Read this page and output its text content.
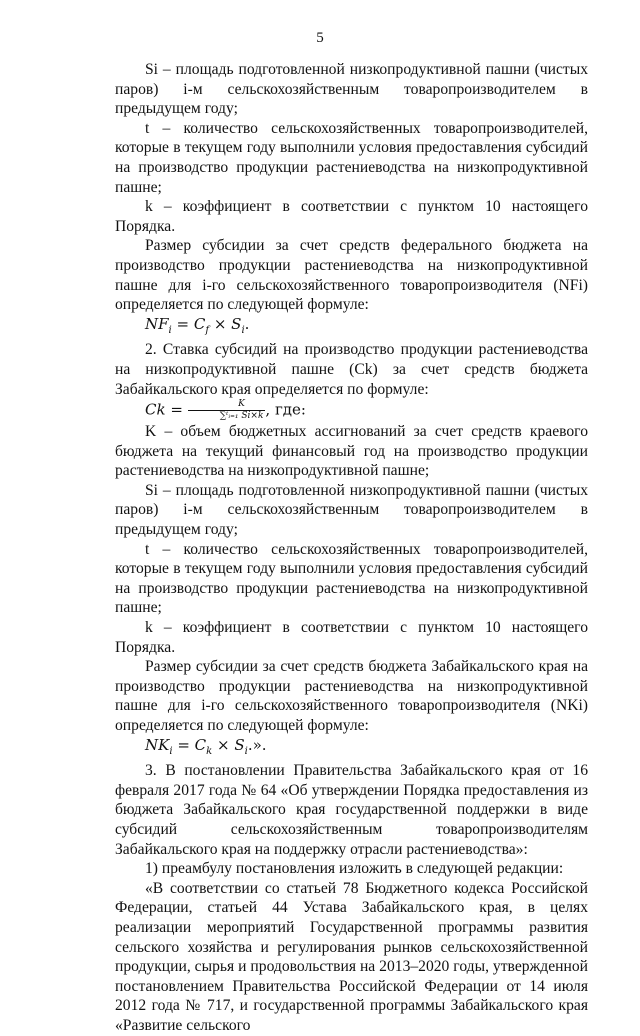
5

Si – площадь подготовленной низкопродуктивной пашни (чистых паров) i-м сельскохозяйственным товаропроизводителем в предыдущем году;

t – количество сельскохозяйственных товаропроизводителей, которые в текущем году выполнили условия предоставления субсидий на производство продукции растениеводства на низкопродуктивной пашне;

k – коэффициент в соответствии с пунктом 10 настоящего Порядка.

Размер субсидии за счет средств федерального бюджета на производство продукции растениеводства на низкопродуктивной пашне для i-го сельскохозяйственного товаропроизводителя (NFi) определяется по следующей формуле:

$NF_i = C_f \times S_i$.

2. Ставка субсидий на производство продукции растениеводства на низкопродуктивной пашне (Ck) за счет средств бюджета Забайкальского края определяется по формуле:

$Ck = \frac{K}{\text{∑ᵗᵢ₌₁ Si×k}}$ , где:

K – объем бюджетных ассигнований за счет средств краевого бюджета на текущий финансовый год на производство продукции растениеводства на низкопродуктивной пашне;

Si – площадь подготовленной низкопродуктивной пашни (чистых паров) i-м сельскохозяйственным товаропроизводителем в предыдущем году;

t – количество сельскохозяйственных товаропроизводителей, которые в текущем году выполнили условия предоставления субсидий на производство продукции растениеводства на низкопродуктивной пашне;

k – коэффициент в соответствии с пунктом 10 настоящего Порядка.

Размер субсидии за счет средств бюджета Забайкальского края на производство продукции растениеводства на низкопродуктивной пашне для i-го сельскохозяйственного товаропроизводителя (NKi) определяется по следующей формуле:

$NK_i = C_k \times S_i$.».

3. В постановлении Правительства Забайкальского края от 16 февраля 2017 года № 64 «Об утверждении Порядка предоставления из бюджета Забайкальского края государственной поддержки в виде субсидий сельскохозяйственным товаропроизводителям Забайкальского края на поддержку отрасли растениеводства»:

1) преамбулу постановления изложить в следующей редакции:

«В соответствии со статьей 78 Бюджетного кодекса Российской Федерации, статьей 44 Устава Забайкальского края, в целях реализации мероприятий Государственной программы развития сельского хозяйства и регулирования рынков сельскохозяйственной продукции, сырья и продовольствия на 2013–2020 годы, утвержденной постановлением Правительства Российской Федерации от 14 июля 2012 года № 717, и государственной программы Забайкальского края «Развитие сельского
